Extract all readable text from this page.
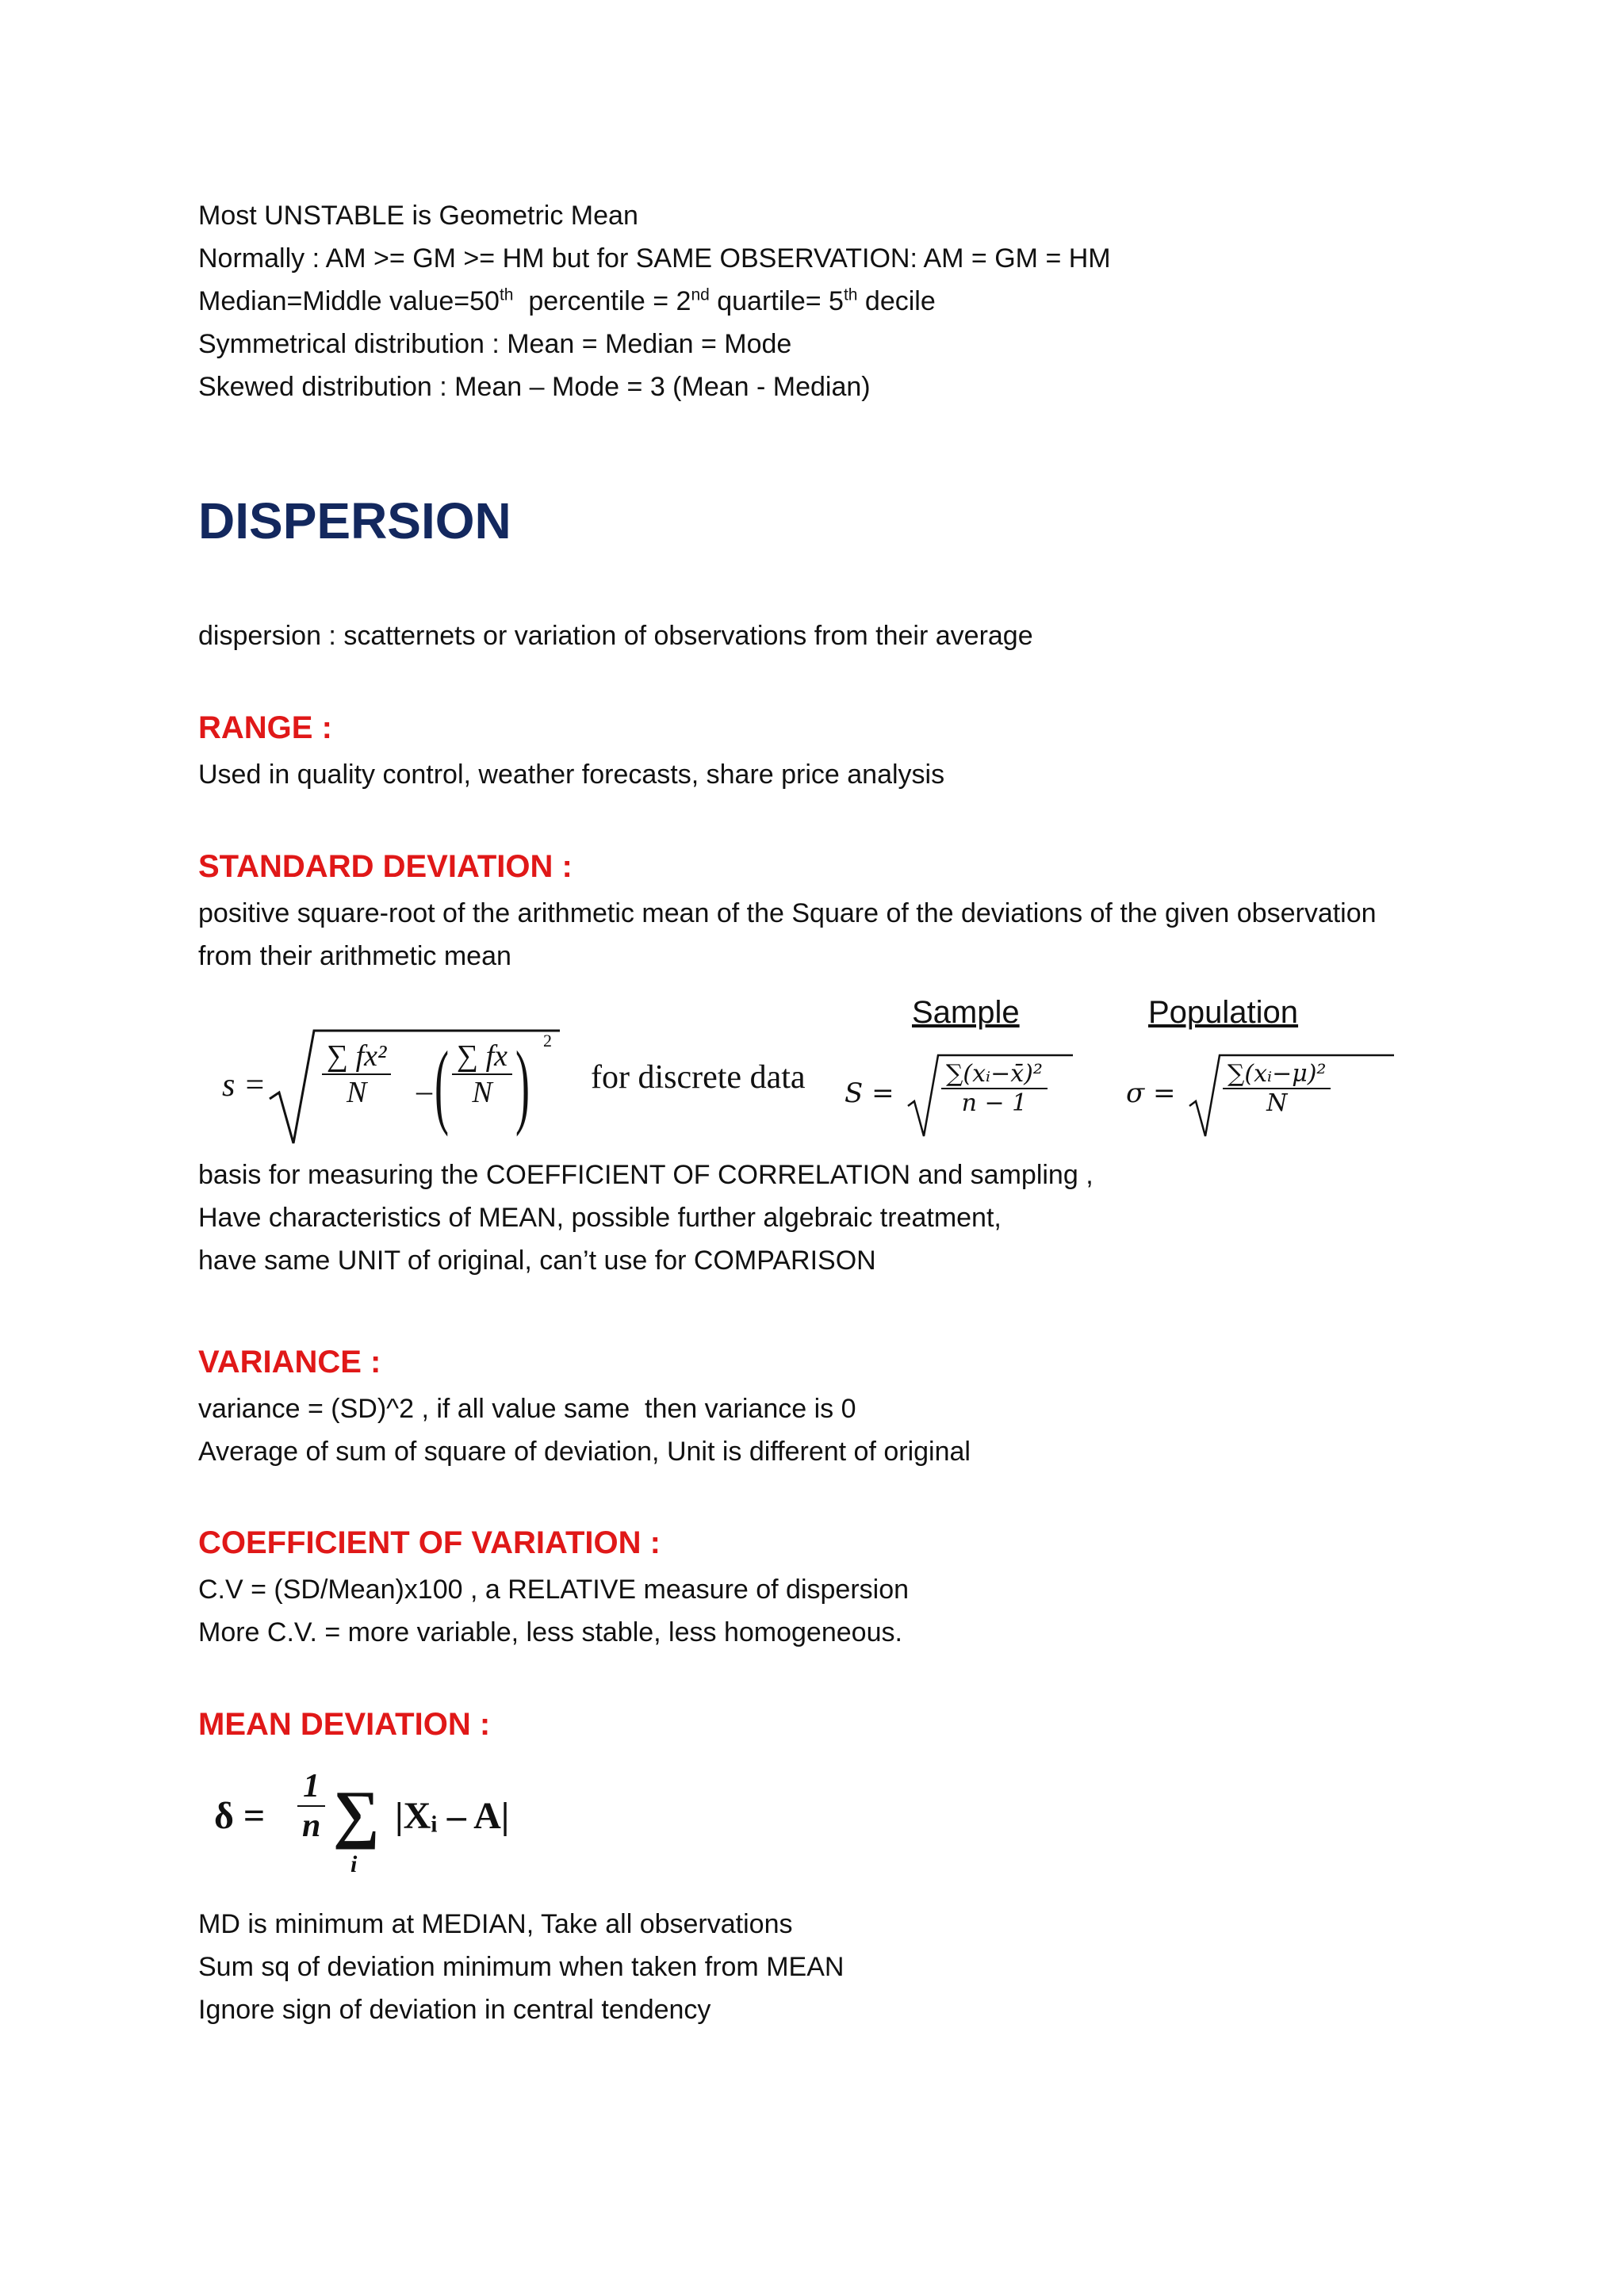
Most UNSTABLE is Geometric Mean

Normally : AM >= GM >= HM but for SAME OBSERVATION: AM = GM = HM

Median=Middle value=50th  percentile = 2nd quartile= 5th decile

Symmetrical distribution : Mean = Median = Mode

Skewed distribution : Mean – Mode = 3 (Mean - Median)

DISPERSION

dispersion : scatternets or variation of observations from their average

RANGE :

Used in quality control, weather forecasts, share price analysis

STANDARD DEVIATION :

positive square-root of the arithmetic mean of the Square of the deviations of the given observation

from their arithmetic mean

Sample	Population
s =
∑ fx²
N – ( ∑ fx
N ) 2
for discrete data S =
∑(xᵢ−x̄)²
n − 1	σ =
∑(xᵢ−μ)²
N

basis for measuring the COEFFICIENT OF CORRELATION and sampling ,

Have characteristics of MEAN, possible further algebraic treatment,

have same UNIT of original, can’t use for COMPARISON

VARIANCE :

variance = (SD)^2 , if all value same  then variance is 0

Average of sum of square of deviation, Unit is different of original

COEFFICIENT OF VARIATION :

C.V = (SD/Mean)x100 , a RELATIVE measure of dispersion

More C.V. = more variable, less stable, less homogeneous.

MEAN DEVIATION :
δ =
1
n ∑
i
|Xᵢ – A|

MD is minimum at MEDIAN, Take all observations

Sum sq of deviation minimum when taken from MEAN

Ignore sign of deviation in central tendency
